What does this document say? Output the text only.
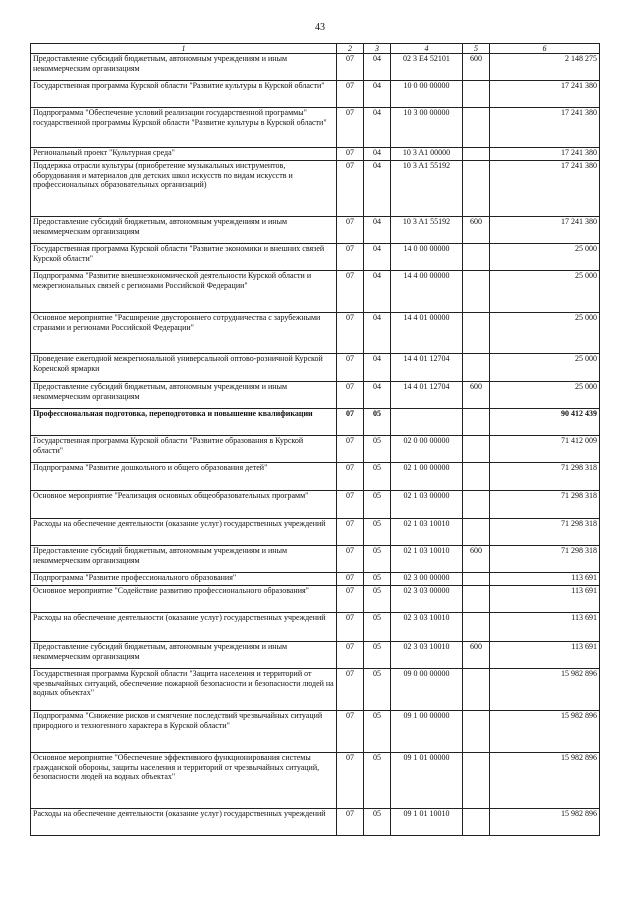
43
1	2	3	4	5	6
Предоставление субсидий бюджетным, автономным учреждениям и иным некоммерческим организациям	07	04	02 3 E4 52101	600	2 148 275
Государственная программа Курской области "Развитие культуры в Курской области"	07	04	10 0 00 00000		17 241 380
Подпрограмма "Обеспечение условий реализации государственной программы" государственной программы Курской области "Развитие культуры в Курской области"	07	04	10 3 00 00000		17 241 380
Региональный проект "Культурная среда"	07	04	10 3 A1 00000		17 241 380
Поддержка отрасли культуры (приобретение музыкальных инструментов, оборудования и материалов для детских школ искусств по видам искусств и профессиональных образовательных организаций)	07	04	10 3 A1 55192		17 241 380
Предоставление субсидий бюджетным, автономным учреждениям и иным некоммерческим организациям	07	04	10 3 A1 55192	600	17 241 380
Государственная программа Курской области "Развитие экономики и внешних связей Курской области"	07	04	14 0 00 00000		25 000
Подпрограмма "Развитие внешнеэкономической деятельности Курской области и межрегиональных связей с регионами Российской Федерации"	07	04	14 4 00 00000		25 000
Основное мероприятие "Расширение двустороннего сотрудничества с зарубежными странами и регионами Российской Федерации"	07	04	14 4 01 00000		25 000
Проведение ежегодной межрегиональной универсальной оптово-розничной Курской Коренской ярмарки	07	04	14 4 01 12704		25 000
Предоставление субсидий бюджетным, автономным учреждениям и иным некоммерческим организациям	07	04	14 4 01 12704	600	25 000
Профессиональная подготовка, переподготовка и повышение квалификации	07	05			90 412 439
Государственная программа Курской области "Развитие образования в Курской области"	07	05	02 0 00 00000		71 412 009
Подпрограмма "Развитие дошкольного и общего образования детей"	07	05	02 1 00 00000		71 298 318
Основное мероприятие "Реализация основных общеобразовательных программ"	07	05	02 1 03 00000		71 298 318
Расходы на обеспечение деятельности (оказание услуг) государственных учреждений	07	05	02 1 03 10010		71 298 318
Предоставление субсидий бюджетным, автономным учреждениям и иным некоммерческим организациям	07	05	02 1 03 10010	600	71 298 318
Подпрограмма "Развитие профессионального образования"	07	05	02 3 00 00000		113 691
Основное мероприятие "Содействие развитию профессионального образования"	07	05	02 3 03 00000		113 691
Расходы на обеспечение деятельности (оказание услуг) государственных учреждений	07	05	02 3 03 10010		113 691
Предоставление субсидий бюджетным, автономным учреждениям и иным некоммерческим организациям	07	05	02 3 03 10010	600	113 691
Государственная программа Курской области "Защита населения и территорий от чрезвычайных ситуаций, обеспечение пожарной безопасности и безопасности людей на водных объектах"	07	05	09 0 00 00000		15 982 896
Подпрограмма "Снижение рисков и смягчение последствий чрезвычайных ситуаций природного и техногенного характера в Курской области"	07	05	09 1 00 00000		15 982 896
Основное мероприятие "Обеспечение эффективного функционирования системы гражданской обороны, защиты населения и территорий от чрезвычайных ситуаций, безопасности людей на водных объектах"	07	05	09 1 01 00000		15 982 896
Расходы на обеспечение деятельности (оказание услуг) государственных учреждений	07	05	09 1 01 10010		15 982 896
